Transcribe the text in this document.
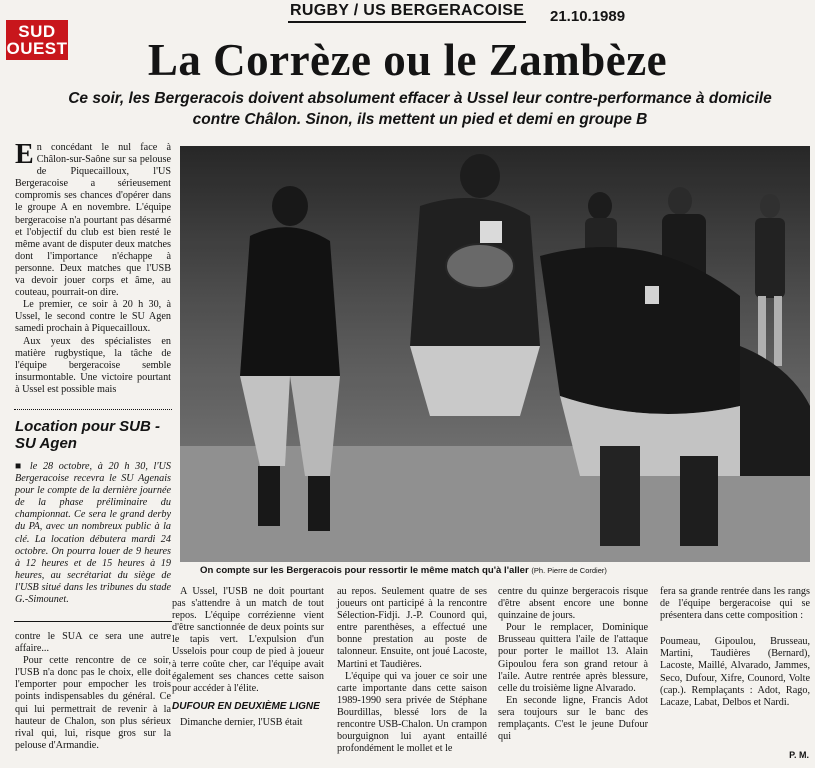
SUD
OUEST
RUGBY / US BERGERACOISE 21.10.1989
La Corrèze ou le Zambèze
Ce soir, les Bergeracois doivent absolument effacer à Ussel leur contre-performance à domicile contre Châlon. Sinon, ils mettent un pied et demi en groupe B

En concédant le nul face à Châlon-sur-Saône sur sa pelouse de Piquecailloux, l'US Bergeracoise a sérieusement compromis ses chances d'opérer dans le groupe A en novembre. L'équipe bergeracoise n'a pourtant pas désarmé et l'objectif du club est bien resté le même avant de disputer deux matches dont l'importance n'échappe à personne. Deux matches que l'USB va devoir jouer corps et âme, au couteau, pourrait-on dire.

Le premier, ce soir à 20 h 30, à Ussel, le second contre le SU Agen samedi prochain à Piquecailloux.

Aux yeux des spécialistes en matière rugbystique, la tâche de l'équipe bergeracoise semble insurmontable. Une victoire pourtant à Ussel est possible mais

Location pour SUB - SU Agen
■ le 28 octobre, à 20 h 30, l'US Bergeracoise recevra le SU Agenais pour le compte de la dernière journée de la phase préliminaire du championnat. Ce sera le grand derby du PA, avec un nombreux public à la clé. La location débutera mardi 24 octobre. On pourra louer de 9 heures à 12 heures et de 15 heures à 19 heures, au secrétariat du siège de l'USB situé dans les tribunes du stade G.-Simounet.

contre le SUA ce sera une autre affaire...

Pour cette rencontre de ce soir, l'USB n'a donc pas le choix, elle doit l'emporter pour empocher les trois points indispensables du général. Ce qui lui permettrait de revenir à la hauteur de Chalon, son plus sérieux rival qui, lui, risque gros sur la pelouse d'Armandie.

On compte sur les Bergeracois pour ressortir le même match qu'à l'aller (Ph. Pierre de Cordier)

A Ussel, l'USB ne doit pourtant pas s'attendre à un match de tout repos. L'équipe corrézienne vient d'être sanctionnée de deux points sur le tapis vert. L'expulsion d'un Usselois pour coup de pied à joueur à terre coûte cher, car l'équipe avait également ses chances cette saison pour accéder à l'élite.

DUFOUR EN DEUXIÈME LIGNE

Dimanche dernier, l'USB était

au repos. Seulement quatre de ses joueurs ont participé à la rencontre Sélection-Fidji. J.-P. Counord qui, entre parenthèses, a effectué une bonne prestation au poste de talonneur. Ensuite, ont joué Lacoste, Martini et Taudières.

L'équipe qui va jouer ce soir une carte importante dans cette saison 1989-1990 sera privée de Stéphane Bourdillas, blessé lors de la rencontre USB-Chalon. Un crampon bourguignon lui ayant entaillé profondément le mollet et le

centre du quinze bergeracois risque d'être absent encore une bonne quinzaine de jours.

Pour le remplacer, Dominique Brusseau quittera l'aile de l'attaque pour porter le maillot 13. Alain Gipoulou fera son grand retour à l'aile. Autre rentrée après blessure, celle du troisième ligne Alvarado.

En seconde ligne, Francis Adot sera toujours sur le banc des remplaçants. C'est le jeune Dufour qui

fera sa grande rentrée dans les rangs de l'équipe bergeracoise qui se présentera dans cette composition :

Poumeau, Gipoulou, Brusseau, Martini, Taudières (Bernard), Lacoste, Maillé, Alvarado, Jammes, Seco, Dufour, Xifre, Counord, Volte (cap.). Remplaçants : Adot, Rago, Lacaze, Labat, Delbos et Nardi.

P. M.
